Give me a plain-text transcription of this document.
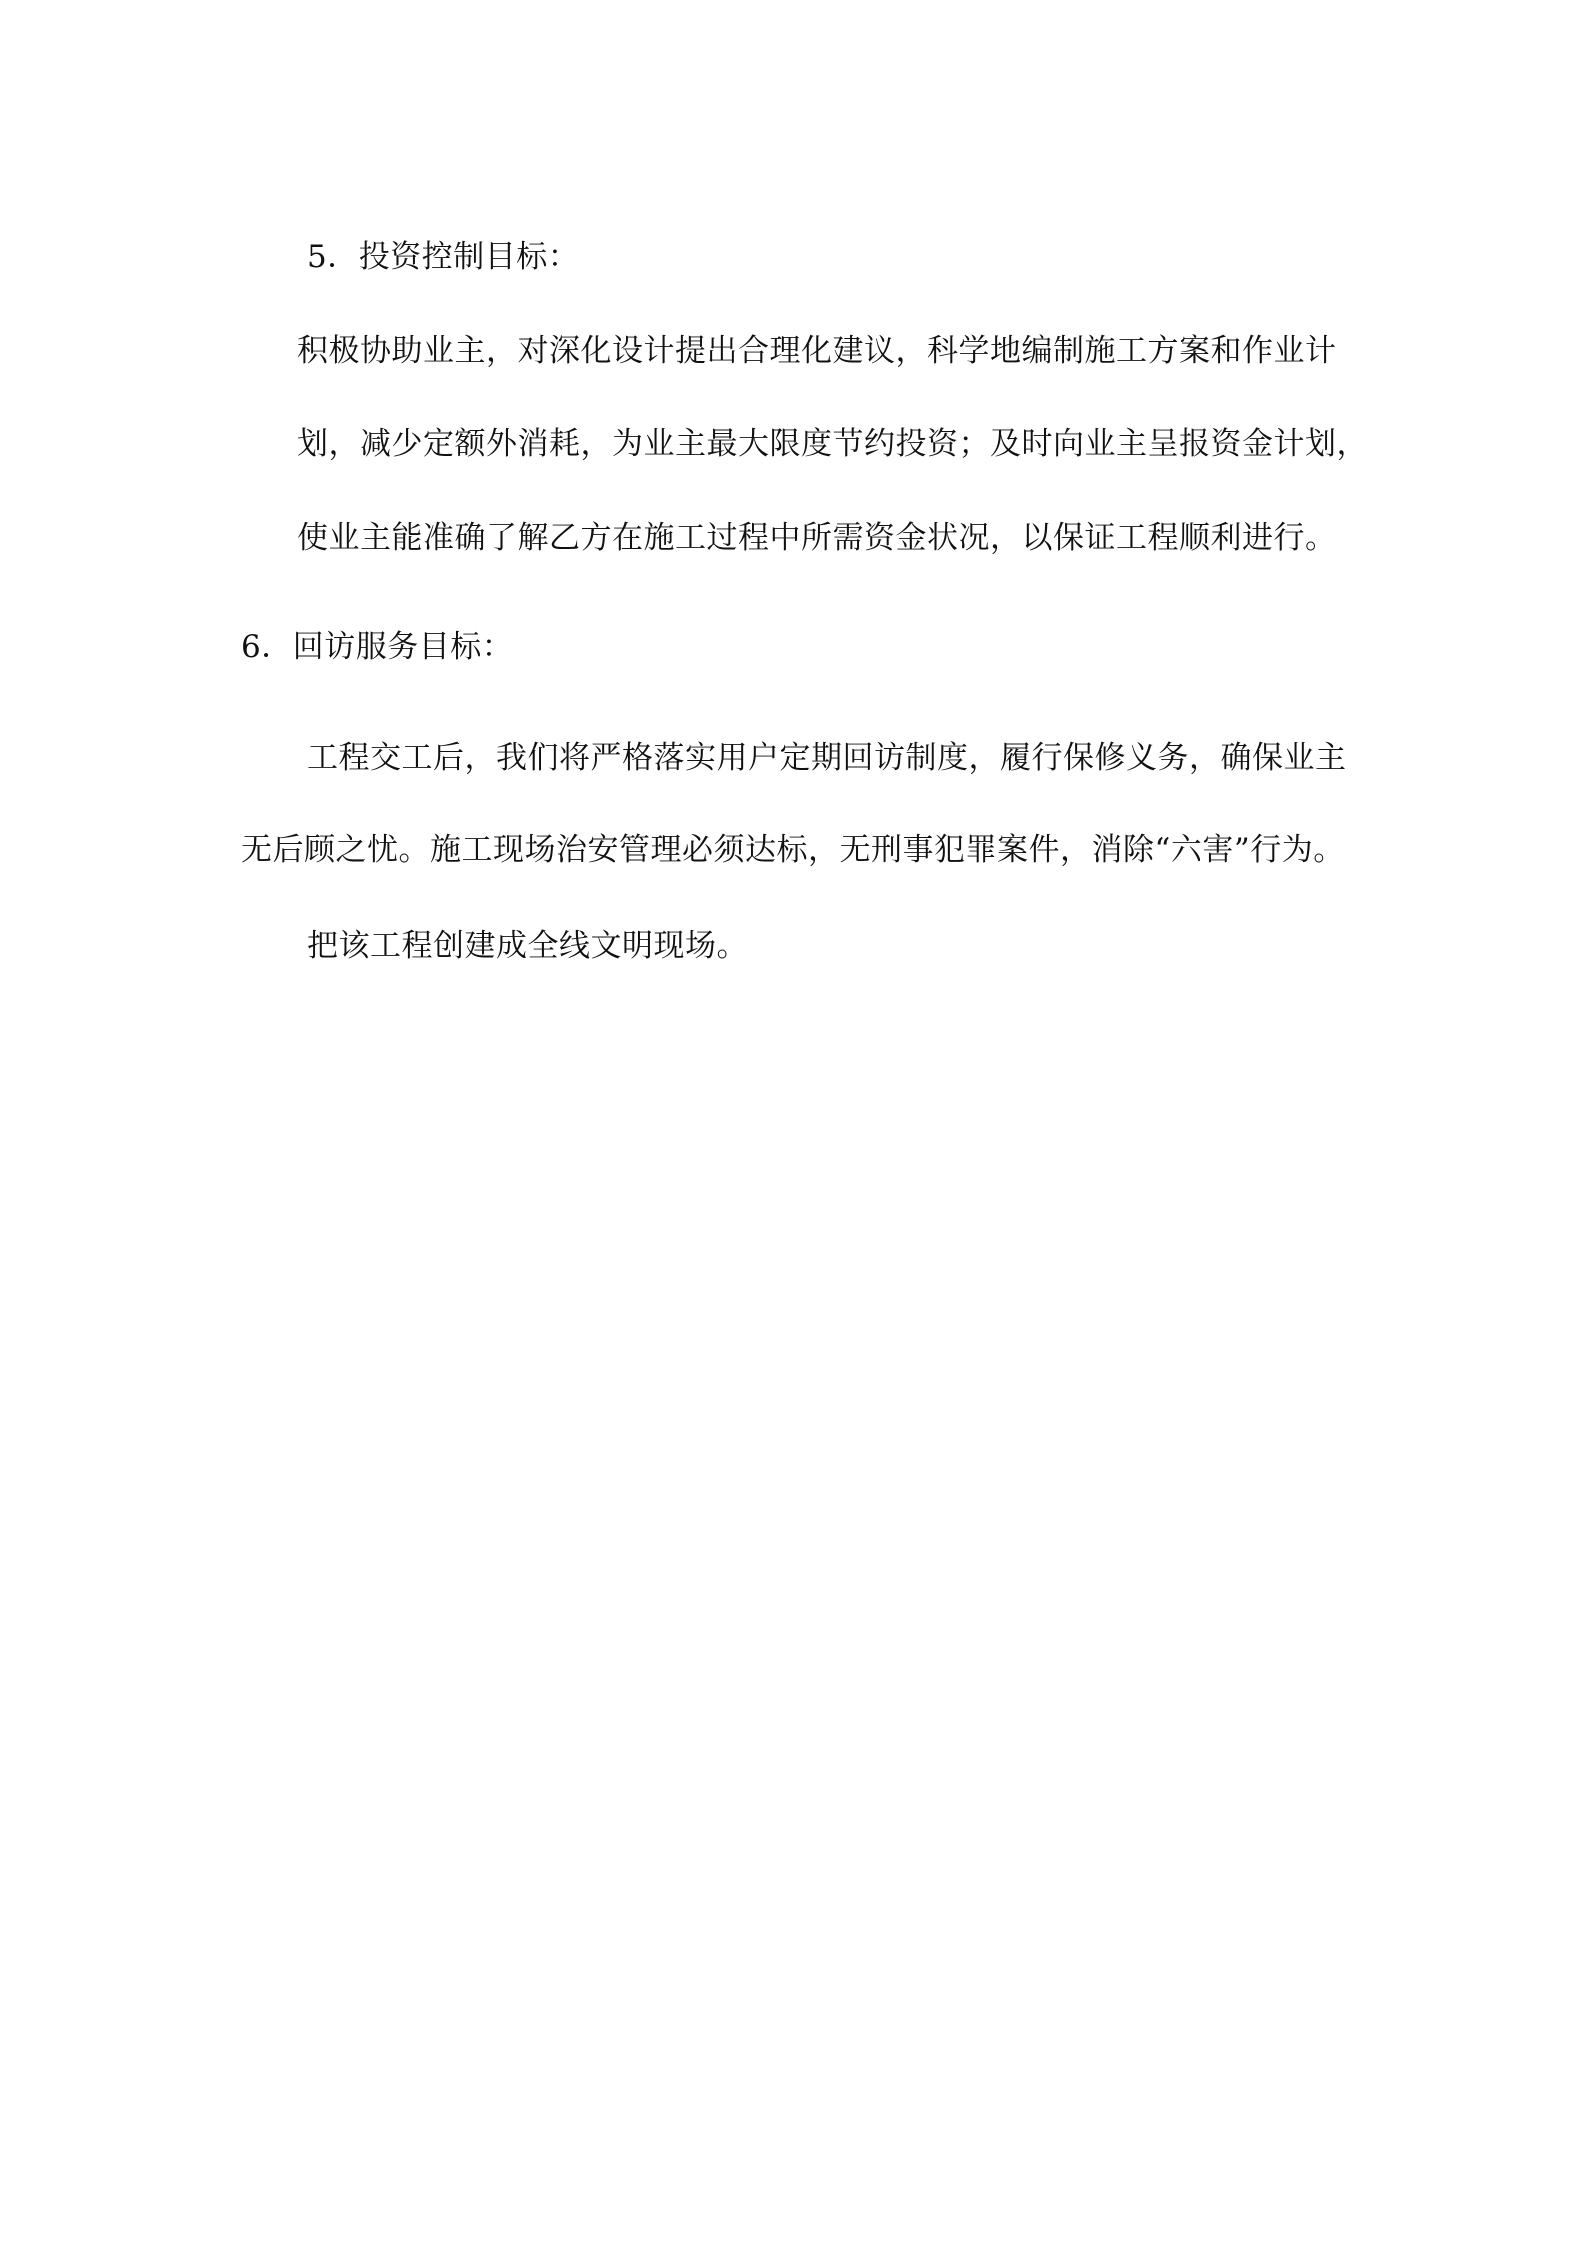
5．投资控制目标：
积极协助业主，对深化设计提出合理化建议，科学地编制施工方案和作业计
划，减少定额外消耗，为业主最大限度节约投资；及时向业主呈报资金计划，
使业主能准确了解乙方在施工过程中所需资金状况，以保证工程顺利进行。
6．回访服务目标：
工程交工后，我们将严格落实用户定期回访制度，履行保修义务，确保业主
无后顾之忧。施工现场治安管理必须达标，无刑事犯罪案件，消除“六害”行为。
把该工程创建成全线文明现场。
